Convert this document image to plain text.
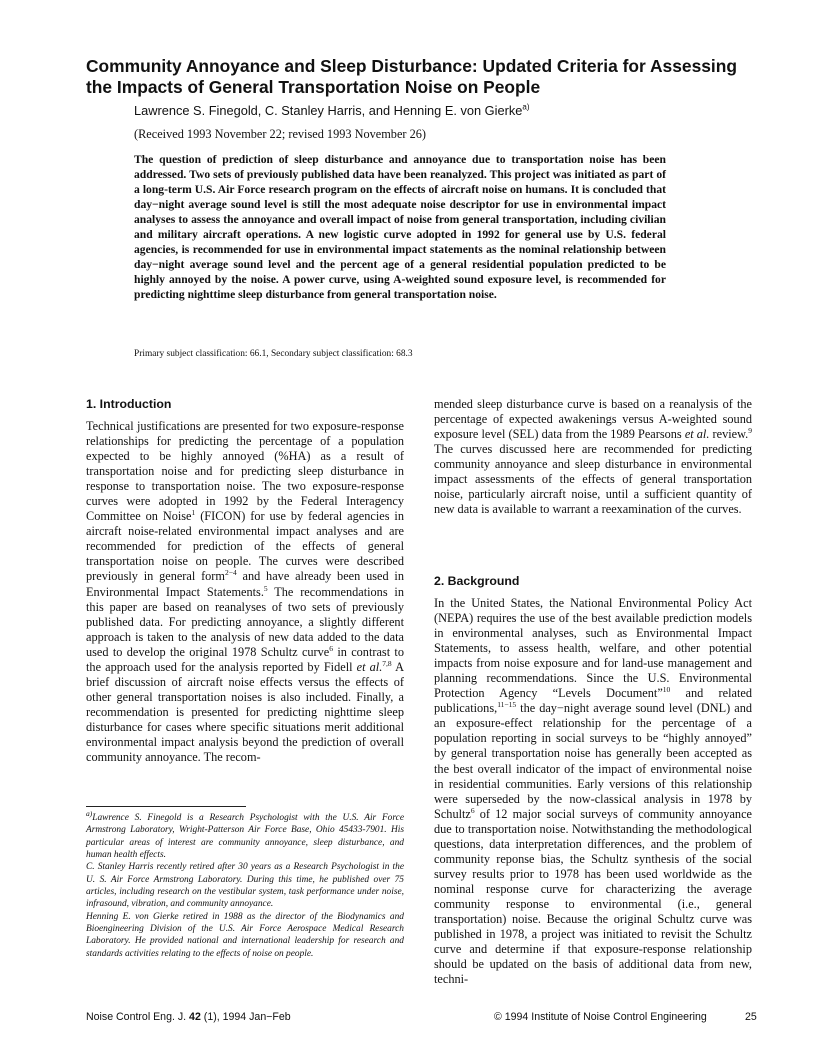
Community Annoyance and Sleep Disturbance: Updated Criteria for Assessing the Impacts of General Transportation Noise on People

Lawrence S. Finegold, C. Stanley Harris, and Henning E. von Gierke$^{a)}$

(Received 1993 November 22; revised 1993 November 26)

The question of prediction of sleep disturbance and annoyance due to transportation noise has been addressed. Two sets of previously published data have been reanalyzed. This project was initiated as part of a long-term U.S. Air Force research program on the effects of aircraft noise on humans. It is concluded that day−night average sound level is still the most adequate noise descriptor for use in environmental impact analyses to assess the annoyance and overall impact of noise from general transportation, including civilian and military aircraft operations. A new logistic curve adopted in 1992 for general use by U.S. federal agencies, is recommended for use in environmental impact statements as the nominal relationship between day−night average sound level and the percent age of a general residential population predicted to be highly annoyed by the noise. A power curve, using A-weighted sound exposure level, is recommended for predicting nighttime sleep disturbance from general transportation noise.

Primary subject classification: 66.1, Secondary subject classification: 68.3

1. Introduction

Technical justifications are presented for two exposure-response relationships for predicting the percentage of a population expected to be highly annoyed (%HA) as a result of transportation noise and for predicting sleep disturbance in response to transportation noise. The two exposure-response curves were adopted in 1992 by the Federal Interagency Committee on Noise$^1$ (FICON) for use by federal agencies in aircraft noise-related environmental impact analyses and are recommended for prediction of the effects of general transportation noise on people. The curves were described previously in general form$^{2-4}$ and have already been used in Environmental Impact Statements.$^5$ The recommendations in this paper are based on reanalyses of two sets of previously published data. For predicting annoyance, a slightly different approach is taken to the analysis of new data added to the data used to develop the original 1978 Schultz curve$^6$ in contrast to the approach used for the analysis reported by Fidell et al.$^{7,8}$ A brief discussion of aircraft noise effects versus the effects of other general transportation noises is also included. Finally, a recommendation is presented for predicting nighttime sleep disturbance for cases where specific situations merit additional environmental impact analysis beyond the prediction of overall community annoyance. The recom-

$^{a)}$Lawrence S. Finegold is a Research Psychologist with the U.S. Air Force Armstrong Laboratory, Wright-Patterson Air Force Base, Ohio 45433-7901. His particular areas of interest are community annoyance, sleep disturbance, and human health effects.

C. Stanley Harris recently retired after 30 years as a Research Psychologist in the U. S. Air Force Armstrong Laboratory. During this time, he published over 75 articles, including research on the vestibular system, task performance under noise, infrasound, vibration, and community annoyance.

Henning E. von Gierke retired in 1988 as the director of the Biodynamics and Bioengineering Division of the U.S. Air Force Aerospace Medical Research Laboratory. He provided national and international leadership for research and standards activities relating to the effects of noise on people.

mended sleep disturbance curve is based on a reanalysis of the percentage of expected awakenings versus A-weighted sound exposure level (SEL) data from the 1989 Pearsons et al. review.$^9$ The curves discussed here are recommended for predicting community annoyance and sleep disturbance in environmental impact assessments of the effects of general transportation noise, particularly aircraft noise, until a sufficient quantity of new data is available to warrant a reexamination of the curves.

2. Background

In the United States, the National Environmental Policy Act (NEPA) requires the use of the best available prediction models in environmental analyses, such as Environmental Impact Statements, to assess health, welfare, and other potential impacts from noise exposure and for land-use management and planning recommendations. Since the U.S. Environmental Protection Agency “Levels Document”$^{10}$ and related publications,$^{11-15}$ the day−night average sound level (DNL) and an exposure-effect relationship for the percentage of a population reporting in social surveys to be “highly annoyed” by general transportation noise has generally been accepted as the best overall indicator of the impact of environmental noise in residential communities. Early versions of this relationship were superseded by the now-classical analysis in 1978 by Schultz$^6$ of 12 major social surveys of community annoyance due to transportation noise. Notwithstanding the methodological questions, data interpretation differences, and the problem of community reponse bias, the Schultz synthesis of the social survey results prior to 1978 has been used worldwide as the nominal response curve for characterizing the average community response to environmental (i.e., general transportation) noise. Because the original Schultz curve was published in 1978, a project was initiated to revisit the Schultz curve and determine if that exposure-response relationship should be updated on the basis of additional data from new, techni-

Noise Control Eng. J. 42 (1), 1994 Jan−Feb	© 1994 Institute of Noise Control Engineering	25
